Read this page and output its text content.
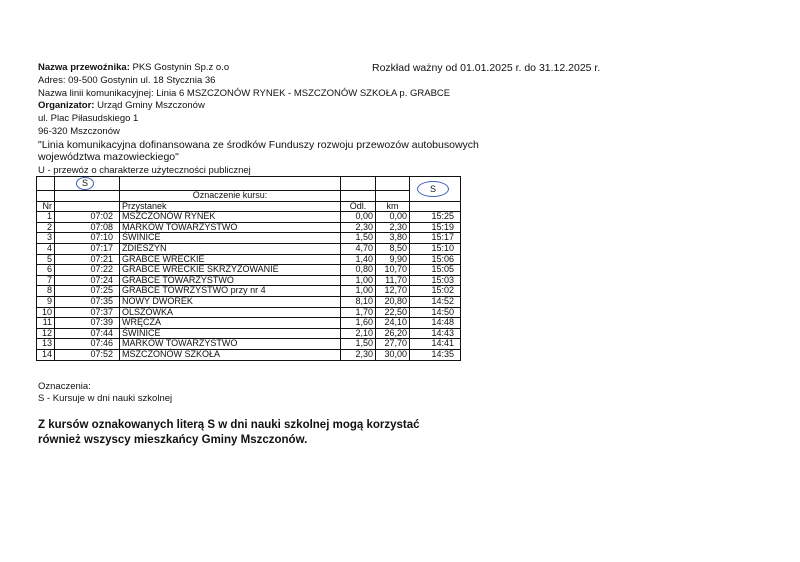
Nazwa przewoźnika: PKS Gostynin Sp.z o.o	Rozkład ważny od 01.01.2025 r. do 31.12.2025 r.
Adres: 09-500 Gostynin ul. 18 Stycznia 36
Nazwa linii komunikacyjnej: Linia 6 MSZCZONÓW RYNEK - MSZCZONÓW SZKOŁA p. GRABCE
Organizator: Urząd Gminy Mszczonów
ul. Plac Piłasudskiego 1
96-320 Mszczonów
"Linia komunikacyjna dofinansowana ze środków Funduszy rozwoju przewozów autobusowych województwa mazowieckiego"
U - przewóz o charakterze użyteczności publicznej
	S				S
		Oznaczenie kursu:			
Nr		Przystanek	Odl.	km	
1	07:02	MSZCZONÓW RYNEK	0,00	0,00	15:25
2	07:08	MARKÓW TOWARZYSTWO	2,30	2,30	15:19
3	07:10	ŚWINICE	1,50	3,80	15:17
4	07:17	ZDIESZYN	4,70	8,50	15:10
5	07:21	GRABCE WRECKIE	1,40	9,90	15:06
6	07:22	GRABCE WRECKIE SKRZYŻOWANIE	0,80	10,70	15:05
7	07:24	GRABCE TOWARZYSTWO	1,00	11,70	15:03
8	07:25	GRABCE TOWRZYSTWO przy nr 4	1,00	12,70	15:02
9	07:35	NOWY DWOREK	8,10	20,80	14:52
10	07:37	OLSZÓWKA	1,70	22,50	14:50
11	07:39	WRĘCZA	1,60	24,10	14:48
12	07:44	ŚWINICE	2,10	26,20	14:43
13	07:46	MARKÓW TOWARZYSTWO	1,50	27,70	14:41
14	07:52	MSZCZONÓW SZKOŁA	2,30	30,00	14:35
Oznaczenia:
S - Kursuje w dni nauki szkolnej
Z kursów oznakowanych literą S w dni nauki szkolnej mogą korzystać
również wszyscy mieszkańcy Gminy Mszczonów.
